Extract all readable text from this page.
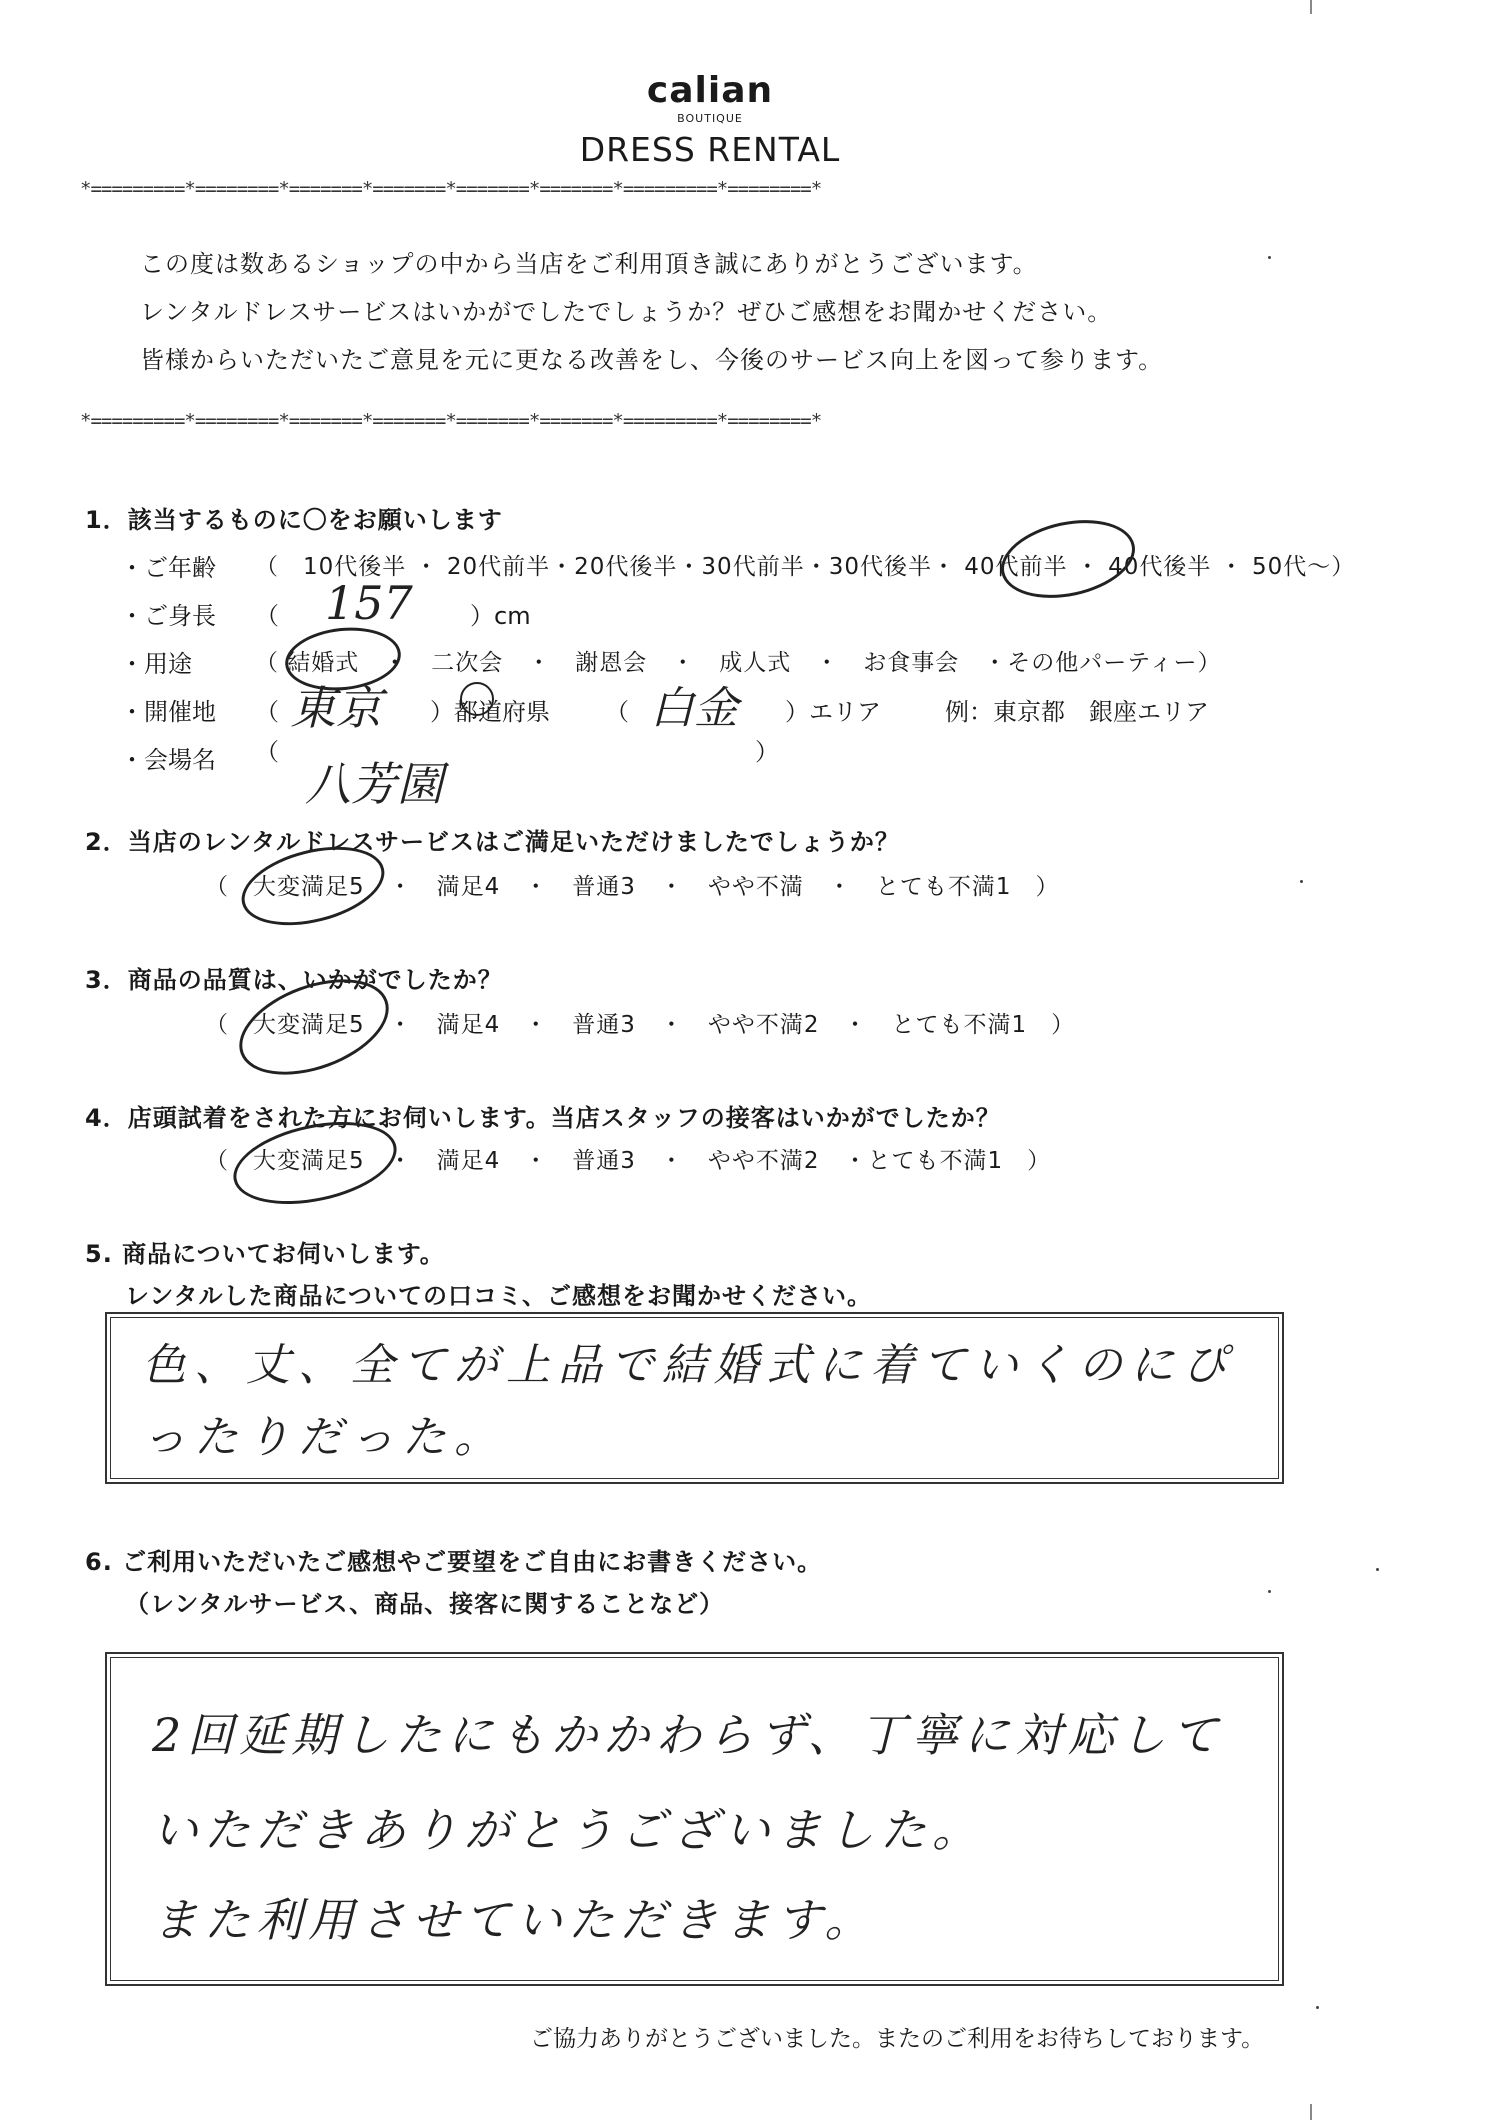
calian
BOUTIQUE
DRESS RENTAL
*=========*========*=======*=======*=======*=======*=========*========*
この度は数あるショップの中から当店をご利用頂き誠にありがとうございます。
レンタルドレスサービスはいかがでしたでしょうか？ぜひご感想をお聞かせください。
皆様からいただいたご意見を元に更なる改善をし、今後のサービス向上を図って参ります。
*=========*========*=======*=======*=======*=======*=========*========*
1．該当するものに〇をお願いします
・ご年齢 （　10代後半 ・ 20代前半・20代後半・30代前半・30代後半・ 40代前半 ・ 40代後半 ・ 50代～）
・ご身長 （ 157 ）cm
・用途	（ 結婚式　・　二次会　・　謝恩会　・　成人式　・　お食事会　・その他パーティー）
・開催地 （ 東京 ）都道府県 （ 白金 ）エリア	例：東京都　銀座エリア
・会場名 （
八芳園
）
2．当店のレンタルドレスサービスはご満足いただけましたでしょうか？
（　大変満足5　・　満足4　・　普通3　・　やや不満　・　とても不満1　）
3．商品の品質は、いかがでしたか？
（　大変満足5　・　満足4　・　普通3　・　やや不満2　・　とても不満1　）
4．店頭試着をされた方にお伺いします。当店スタッフの接客はいかがでしたか？
（　大変満足5　・　満足4　・　普通3　・　やや不満2　・とても不満1　）
5. 商品についてお伺いします。
レンタルした商品についての口コミ、ご感想をお聞かせください。
色、丈、全てが上品で結婚式に着ていくのにぴったりだった。
6. ご利用いただいたご感想やご要望をご自由にお書きください。
（レンタルサービス、商品、接客に関することなど）
2回延期したにもかかわらず、丁寧に対応して
いただきありがとうございました。
また利用させていただきます。
ご協力ありがとうございました。またのご利用をお待ちしております。
